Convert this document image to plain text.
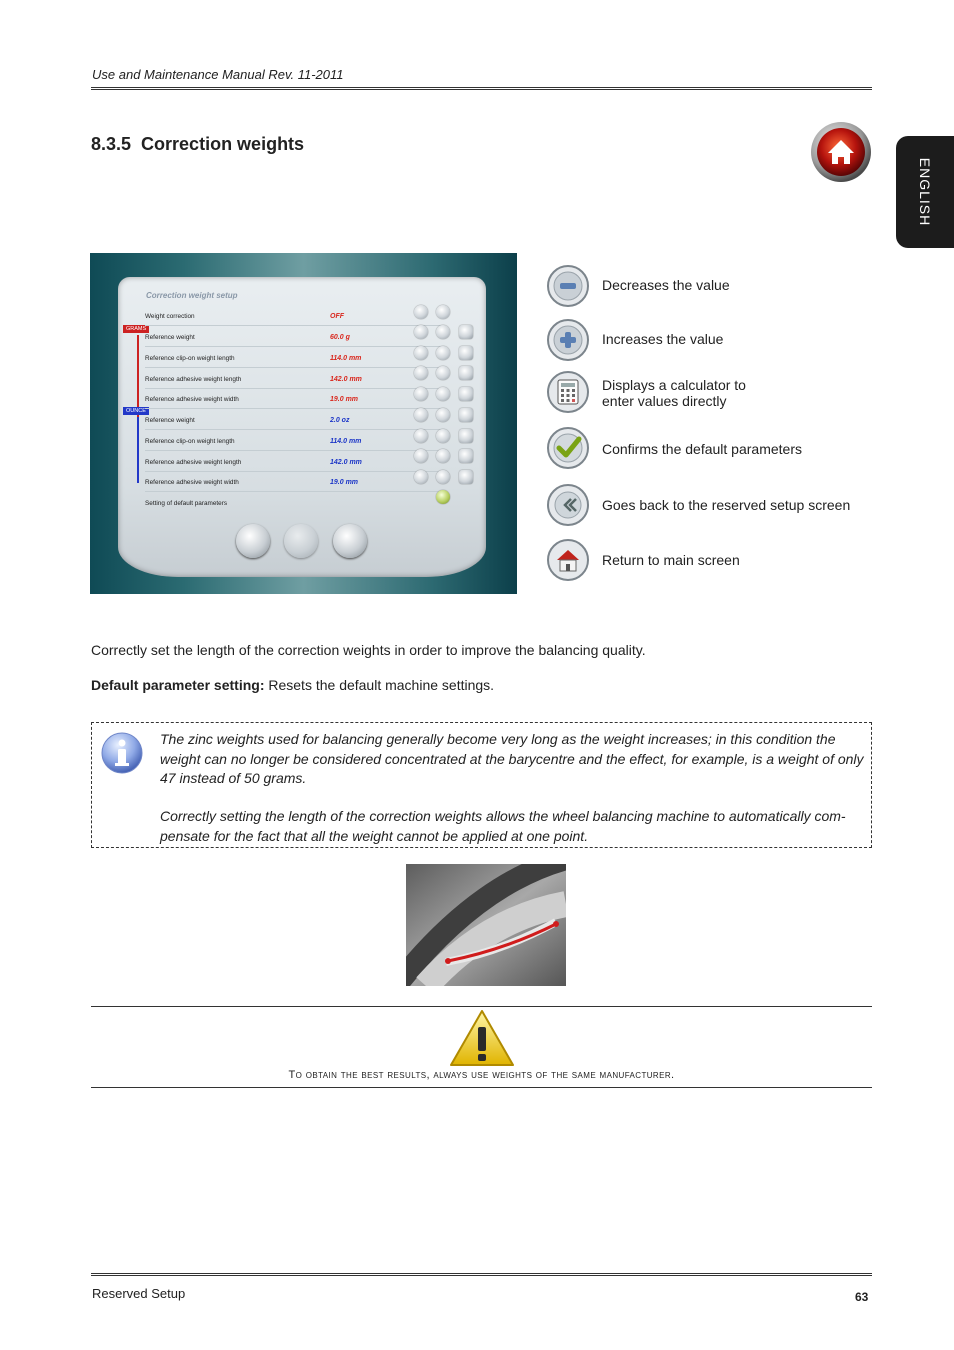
Use and Maintenance Manual Rev. 11-2011
ENGLISH
8.3.5 Correction weights
Correction weight setup
GRAMS
OUNCE
Weight correction	OFF
Reference weight	60.0 g
Reference clip-on weight length	114.0 mm
Reference adhesive weight length	142.0 mm
Reference adhesive weight width	19.0 mm
Reference weight	2.0 oz
Reference clip-on weight length	114.0 mm
Reference adhesive weight length	142.0 mm
Reference adhesive weight width	19.0 mm
Setting of default parameters
Decreases the value
Increases the value
Displays a calculator to
enter values directly
Confirms the default parameters
Goes back to the reserved setup screen
Return to main screen
Correctly set the length of the correction weights in order to improve the balancing quality.
Default parameter setting: Resets the default machine settings.
The zinc weights used for balancing generally become very long as the weight increases; in this condition the weight can no longer be considered concentrated at the barycentre and the effect, for example, is a weight of only 47 instead of 50 grams.
Correctly setting the length of the correction weights allows the wheel balancing machine to automatically com-pensate for the fact that all the weight cannot be applied at one point.
To obtain the best results, always use weights of the same manufacturer.
Reserved Setup	63
